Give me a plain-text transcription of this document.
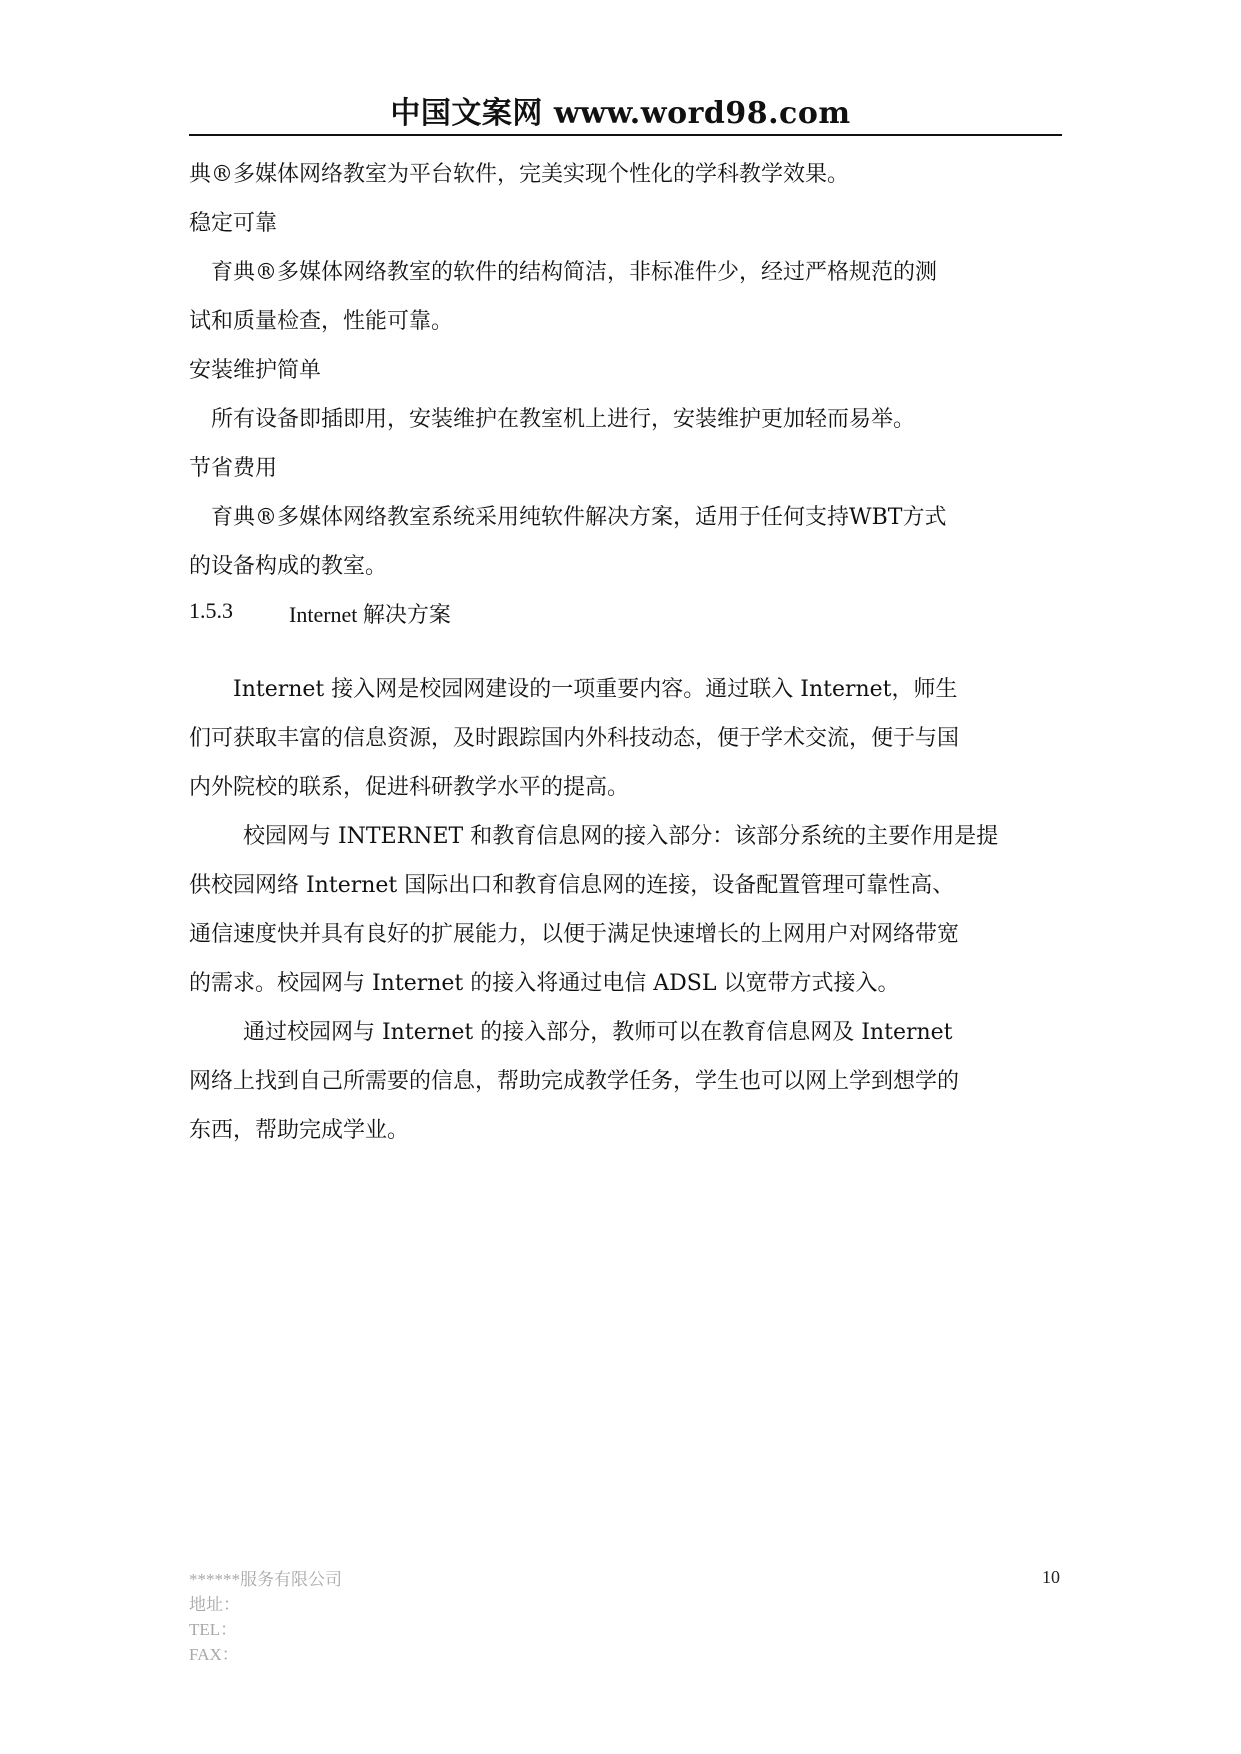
中国文案网 www.word98.com

典®多媒体网络教室为平台软件，完美实现个性化的学科教学效果。

稳定可靠

　育典®多媒体网络教室的软件的结构简洁，非标准件少，经过严格规范的测
试和质量检查，性能可靠。

安装维护简单

　所有设备即插即用，安装维护在教室机上进行，安装维护更加轻而易举。

节省费用

　育典®多媒体网络教室系统采用纯软件解决方案，适用于任何支持WBT方式
的设备构成的教室。

1.5.3	Internet 解决方案

Internet 接入网是校园网建设的一项重要内容。通过联入 Internet，师生
们可获取丰富的信息资源，及时跟踪国内外科技动态，便于学术交流，便于与国
内外院校的联系，促进科研教学水平的提高。

校园网与 INTERNET 和教育信息网的接入部分：该部分系统的主要作用是提
供校园网络 Internet 国际出口和教育信息网的连接，设备配置管理可靠性高、
通信速度快并具有良好的扩展能力，以便于满足快速增长的上网用户对网络带宽
的需求。校园网与 Internet 的接入将通过电信 ADSL 以宽带方式接入。

通过校园网与 Internet 的接入部分，教师可以在教育信息网及 Internet
网络上找到自己所需要的信息，帮助完成教学任务，学生也可以网上学到想学的
东西，帮助完成学业。

******服务有限公司
地址：
TEL：
FAX：
10
